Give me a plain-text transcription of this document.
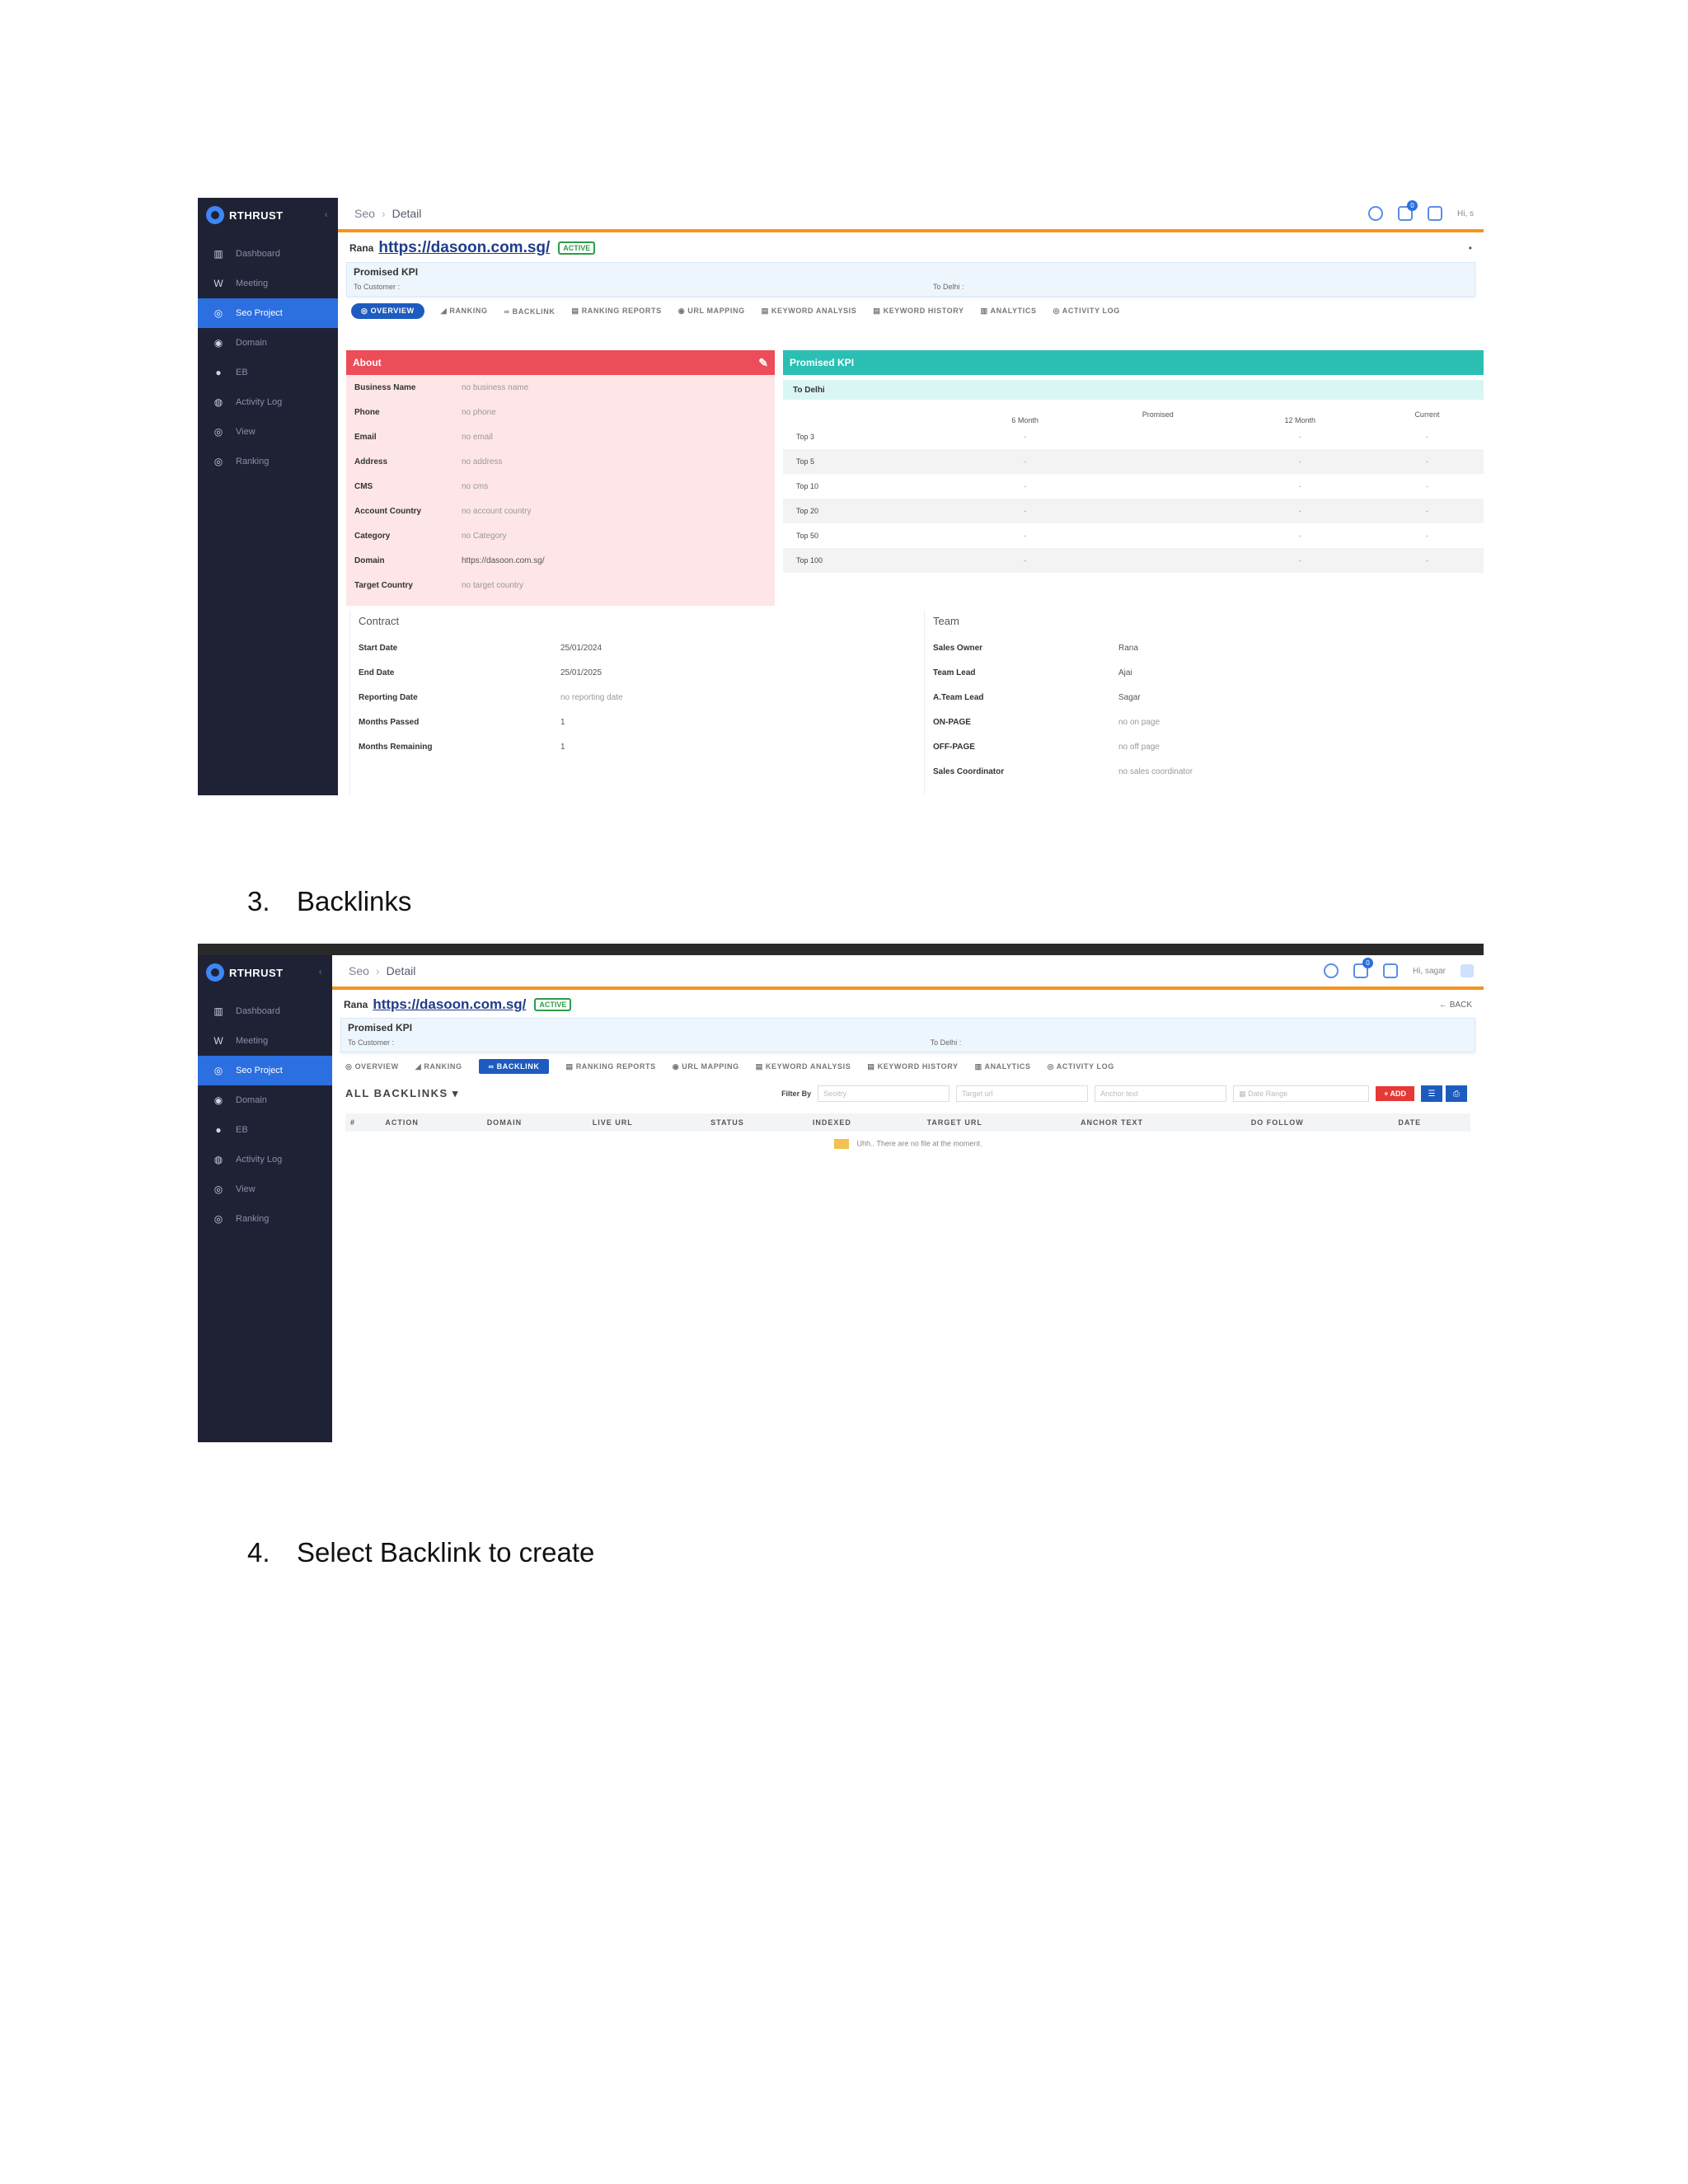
RTHRUST	‹
▥ Dashboard
W Meeting
◎ Seo Project
◉ Domain
●	EB
◍ Activity Log
◎ View
◎ Ranking
Seo › Detail
0
Hi, s
Rana https://dasoon.com.sg/	ACTIVE	•
Promised KPI
To Customer :	To Delhi :
◎ OVERVIEW	◢ RANKING ∞ BACKLINK ▤ RANKING REPORTS ◉ URL MAPPING ▤ KEYWORD ANALYSIS ▤ KEYWORD HISTORY ▥ ANALYTICS ◎ ACTIVITY LOG
About	✎
Business Name	no business name
Phone	no phone
Email	no email
Address	no address
CMS	no cms
Account Country	no account country
Category	no Category
Domain	https://dasoon.com.sg/
Target Country	no target country
Promised KPI
To Delhi
	6 Month	Promised	12 Month	Current
Top 3	-		-	-
Top 5	-		-	-
Top 10	-		-	-
Top 20	-		-	-
Top 50	-		-	-
Top 100	-		-	-
Contract
Start Date	25/01/2024
End Date	25/01/2025
Reporting Date	no reporting date
Months Passed	1
Months Remaining	1
Team
Sales Owner	Rana
Team Lead	Ajai
A.Team Lead	Sagar
ON-PAGE	no on page
OFF-PAGE	no off page
Sales Coordinator	no sales coordinator
3. Backlinks
RTHRUST	‹
▥ Dashboard
W Meeting
◎ Seo Project
◉ Domain
●	EB
◍ Activity Log
◎ View
◎ Ranking
Seo › Detail
0
Hi, sagar
Rana https://dasoon.com.sg/	ACTIVE	← BACK
Promised KPI
To Customer :	To Delhi :
◎ OVERVIEW ◢ RANKING	∞ BACKLINK	▤ RANKING REPORTS ◉ URL MAPPING ▤ KEYWORD ANALYSIS ▤ KEYWORD HISTORY ▥ ANALYTICS ◎ ACTIVITY LOG
ALL BACKLINKS ▾	Filter By	Seoitry	Target url	Anchor text	▦ Date Range	+ ADD	☰	⎙
#	ACTION	DOMAIN	LIVE URL	STATUS	INDEXED	TARGET URL	ANCHOR TEXT	DO FOLLOW	DATE
Uhh.. There are no file at the moment.
4. Select Backlink to create
